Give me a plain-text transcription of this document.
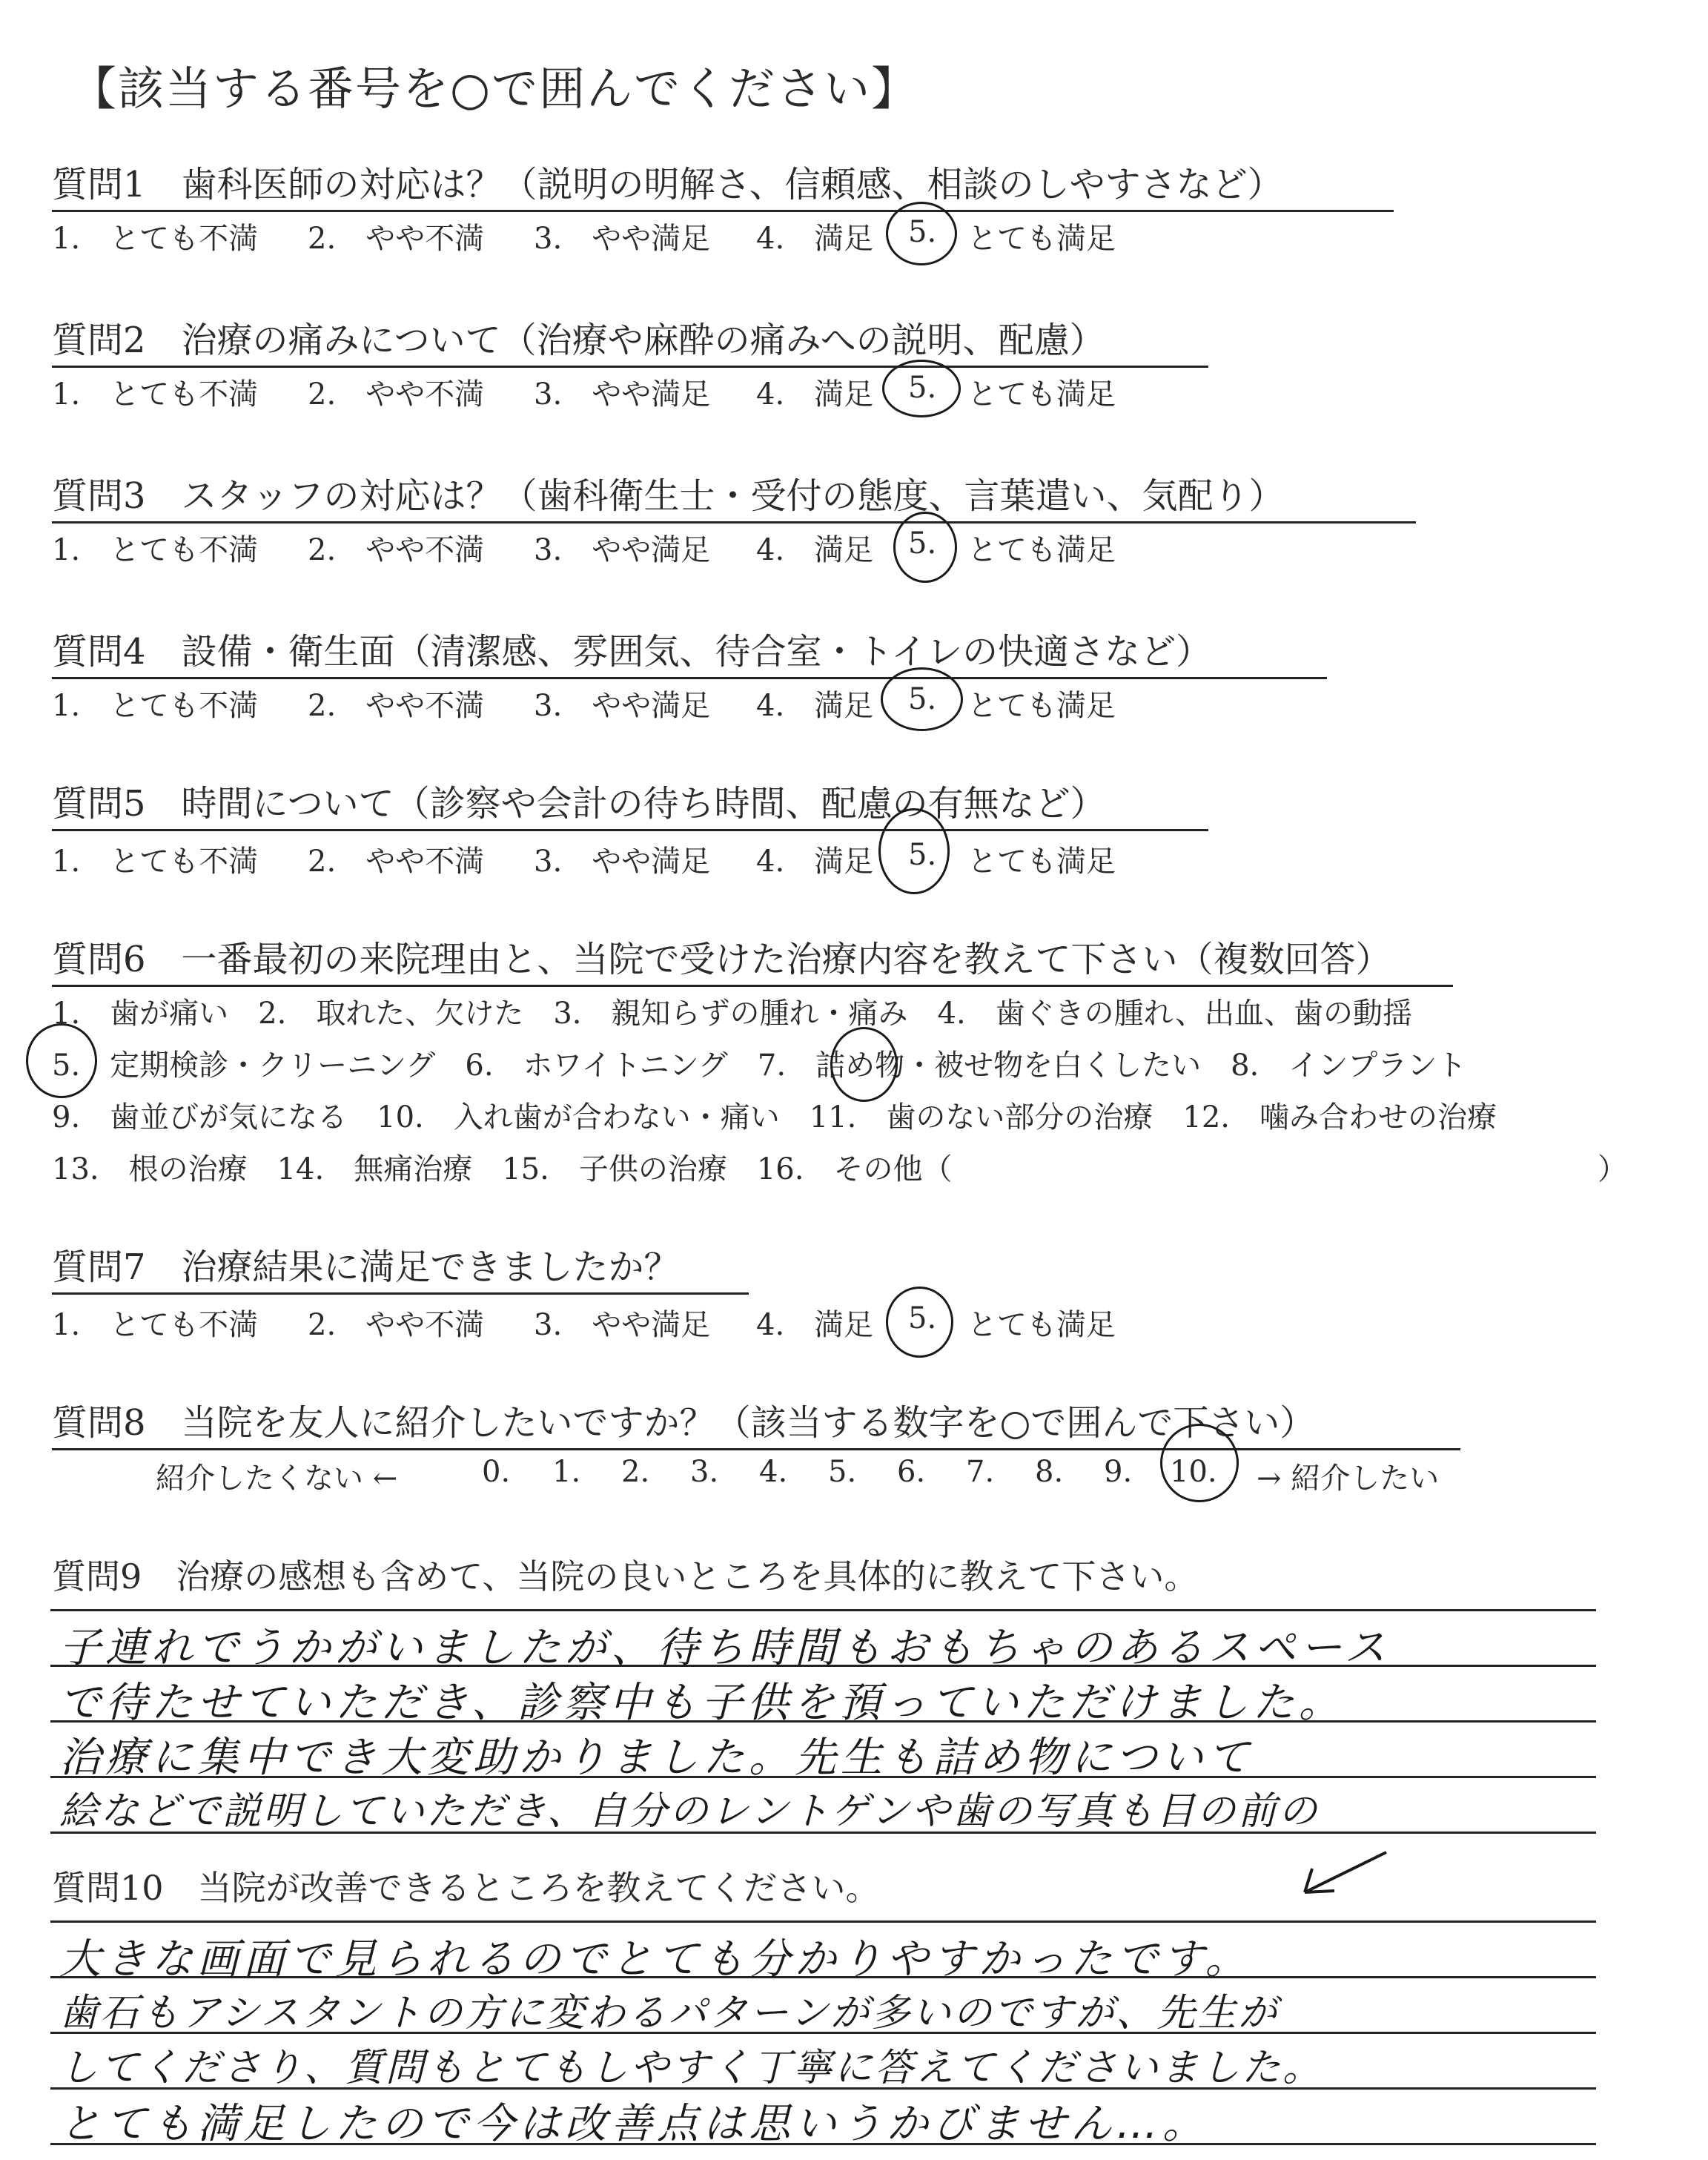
【該当する番号を○で囲んでください】
質問1　歯科医師の対応は？（説明の明解さ、信頼感、相談のしやすさなど）
1.　とても不満 2.　やや不満 3.　やや満足 4.　満足 5. とても満足
質問2　治療の痛みについて（治療や麻酔の痛みへの説明、配慮）
1.　とても不満 2.　やや不満 3.　やや満足 4.　満足 5. とても満足
質問3　スタッフの対応は？（歯科衛生士・受付の態度、言葉遣い、気配り）
1.　とても不満 2.　やや不満 3.　やや満足 4.　満足 5. とても満足
質問4　設備・衛生面（清潔感、雰囲気、待合室・トイレの快適さなど）
1.　とても不満 2.　やや不満 3.　やや満足 4.　満足 5. とても満足
質問5　時間について（診察や会計の待ち時間、配慮の有無など）
1.　とても不満 2.　やや不満 3.　やや満足 4.　満足 5. とても満足
質問6　一番最初の来院理由と、当院で受けた治療内容を教えて下さい（複数回答）
1.　歯が痛い　2.　取れた、欠けた　3.　親知らずの腫れ・痛み　4.　歯ぐきの腫れ、出血、歯の動揺
5.　定期検診・クリーニング　6.　ホワイトニング　7.　詰め物・被せ物を白くしたい　8.　インプラント
9.　歯並びが気になる　10.　入れ歯が合わない・痛い　11.　歯のない部分の治療　12.　噛み合わせの治療
13.　根の治療　14.　無痛治療　15.　子供の治療　16.　その他（	）
質問7　治療結果に満足できましたか？
1.　とても不満 2.　やや不満 3.　やや満足 4.　満足 5. とても満足
質問8　当院を友人に紹介したいですか？（該当する数字を○で囲んで下さい）
紹介したくない ←	0. 1. 2. 3. 4. 5. 6. 7. 8. 9. 10. → 紹介したい
質問9　治療の感想も含めて、当院の良いところを具体的に教えて下さい。
子連れでうかがいましたが、待ち時間もおもちゃのあるスペース
で待たせていただき、診察中も子供を預っていただけました。
治療に集中でき大変助かりました。先生も詰め物について
絵などで説明していただき、自分のレントゲンや歯の写真も目の前の
質問10　当院が改善できるところを教えてください。
大きな画面で見られるのでとても分かりやすかったです。
歯石もアシスタントの方に変わるパターンが多いのですが、先生が
してくださり、質問もとてもしやすく丁寧に答えてくださいました。
とても満足したので今は改善点は思いうかびません…。
